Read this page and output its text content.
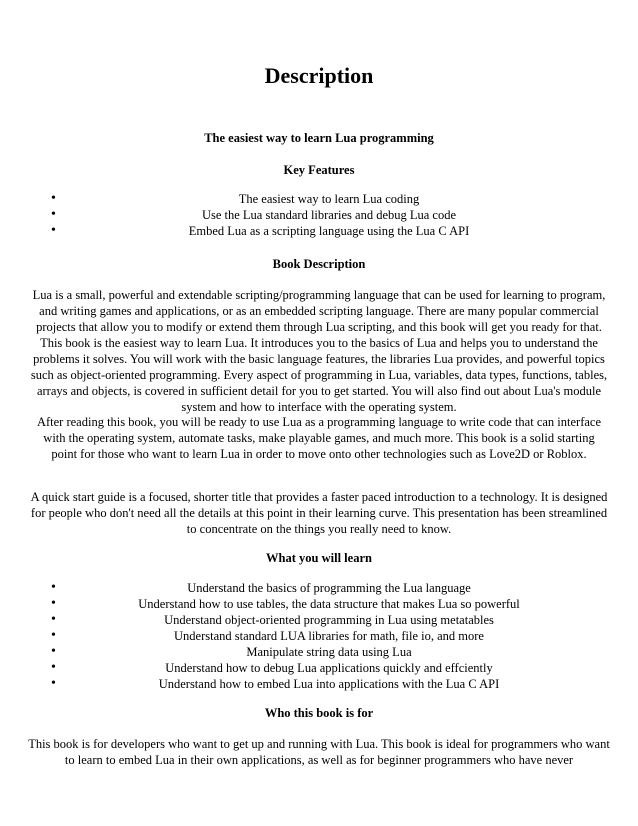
Description
The easiest way to learn Lua programming
Key Features
•	The easiest way to learn Lua coding
•	Use the Lua standard libraries and debug Lua code
•	Embed Lua as a scripting language using the Lua C API
Book Description

Lua is a small, powerful and extendable scripting/programming language that can be used for learning to program, and writing games and applications, or as an embedded scripting language. There are many popular commercial projects that allow you to modify or extend them through Lua scripting, and this book will get you ready for that. This book is the easiest way to learn Lua. It introduces you to the basics of Lua and helps you to understand the problems it solves. You will work with the basic language features, the libraries Lua provides, and powerful topics such as object-oriented programming. Every aspect of programming in Lua, variables, data types, functions, tables, arrays and objects, is covered in sufficient detail for you to get started. You will also find out about Lua's module system and how to interface with the operating system.

After reading this book, you will be ready to use Lua as a programming language to write code that can interface with the operating system, automate tasks, make playable games, and much more. This book is a solid starting point for those who want to learn Lua in order to move onto other technologies such as Love2D or Roblox.

A quick start guide is a focused, shorter title that provides a faster paced introduction to a technology. It is designed for people who don't need all the details at this point in their learning curve. This presentation has been streamlined to concentrate on the things you really need to know.

What you will learn
•	Understand the basics of programming the Lua language
•	Understand how to use tables, the data structure that makes Lua so powerful
•	Understand object-oriented programming in Lua using metatables
•	Understand standard LUA libraries for math, file io, and more
•	Manipulate string data using Lua
•	Understand how to debug Lua applications quickly and effciently
•	Understand how to embed Lua into applications with the Lua C API
Who this book is for

This book is for developers who want to get up and running with Lua. This book is ideal for programmers who want to learn to embed Lua in their own applications, as well as for beginner programmers who have never
